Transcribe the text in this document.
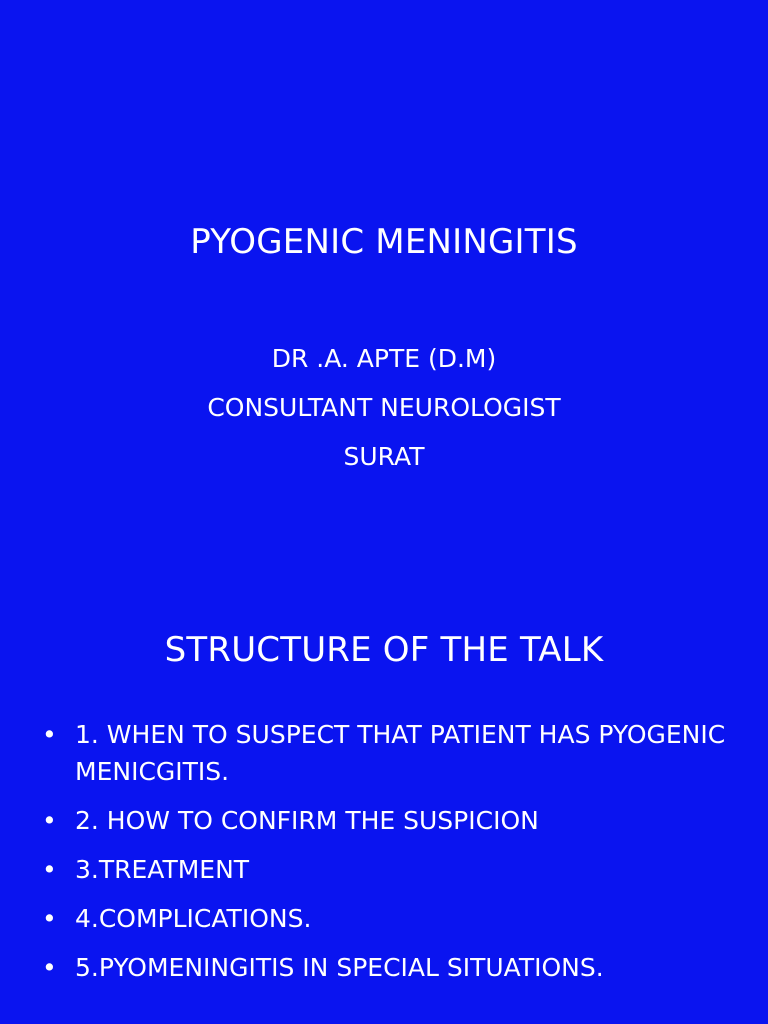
PYOGENIC MENINGITIS
DR .A. APTE (D.M)
CONSULTANT NEUROLOGIST
SURAT
STRUCTURE OF THE TALK
• 1. WHEN TO SUSPECT THAT PATIENT HAS PYOGENIC MENICGITIS.
• 2. HOW TO CONFIRM THE SUSPICION
• 3.TREATMENT
• 4.COMPLICATIONS.
• 5.PYOMENINGITIS IN SPECIAL SITUATIONS.
